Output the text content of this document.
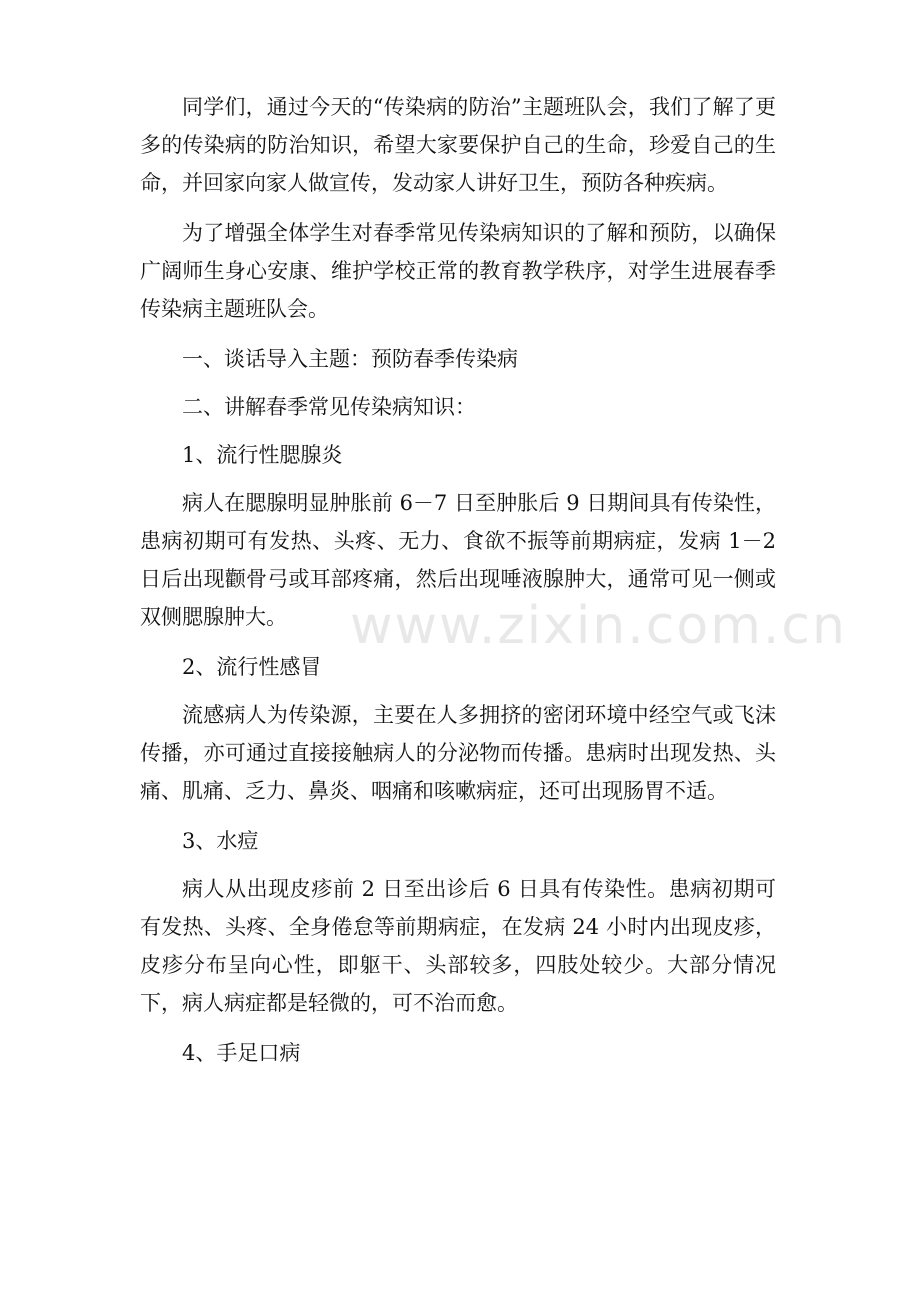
同学们，通过今天的“传染病的防治”主题班队会，我们了解了更多的传染病的防治知识，希望大家要保护自己的生命，珍爱自己的生命，并回家向家人做宣传，发动家人讲好卫生，预防各种疾病。

为了增强全体学生对春季常见传染病知识的了解和预防，以确保广阔师生身心安康、维护学校正常的教育教学秩序，对学生进展春季传染病主题班队会。

一、谈话导入主题：预防春季传染病

二、讲解春季常见传染病知识：

1、流行性腮腺炎

病人在腮腺明显肿胀前 6－7 日至肿胀后 9 日期间具有传染性，患病初期可有发热、头疼、无力、食欲不振等前期病症，发病 1－2 日后出现颧骨弓或耳部疼痛，然后出现唾液腺肿大，通常可见一侧或双侧腮腺肿大。

2、流行性感冒

流感病人为传染源，主要在人多拥挤的密闭环境中经空气或飞沫传播，亦可通过直接接触病人的分泌物而传播。患病时出现发热、头痛、肌痛、乏力、鼻炎、咽痛和咳嗽病症，还可出现肠胃不适。

3、水痘

病人从出现皮疹前 2 日至出诊后 6 日具有传染性。患病初期可有发热、头疼、全身倦怠等前期病症，在发病 24 小时内出现皮疹，皮疹分布呈向心性，即躯干、头部较多，四肢处较少。大部分情况下，病人病症都是轻微的，可不治而愈。

4、手足口病

www.zixin.com.cn
